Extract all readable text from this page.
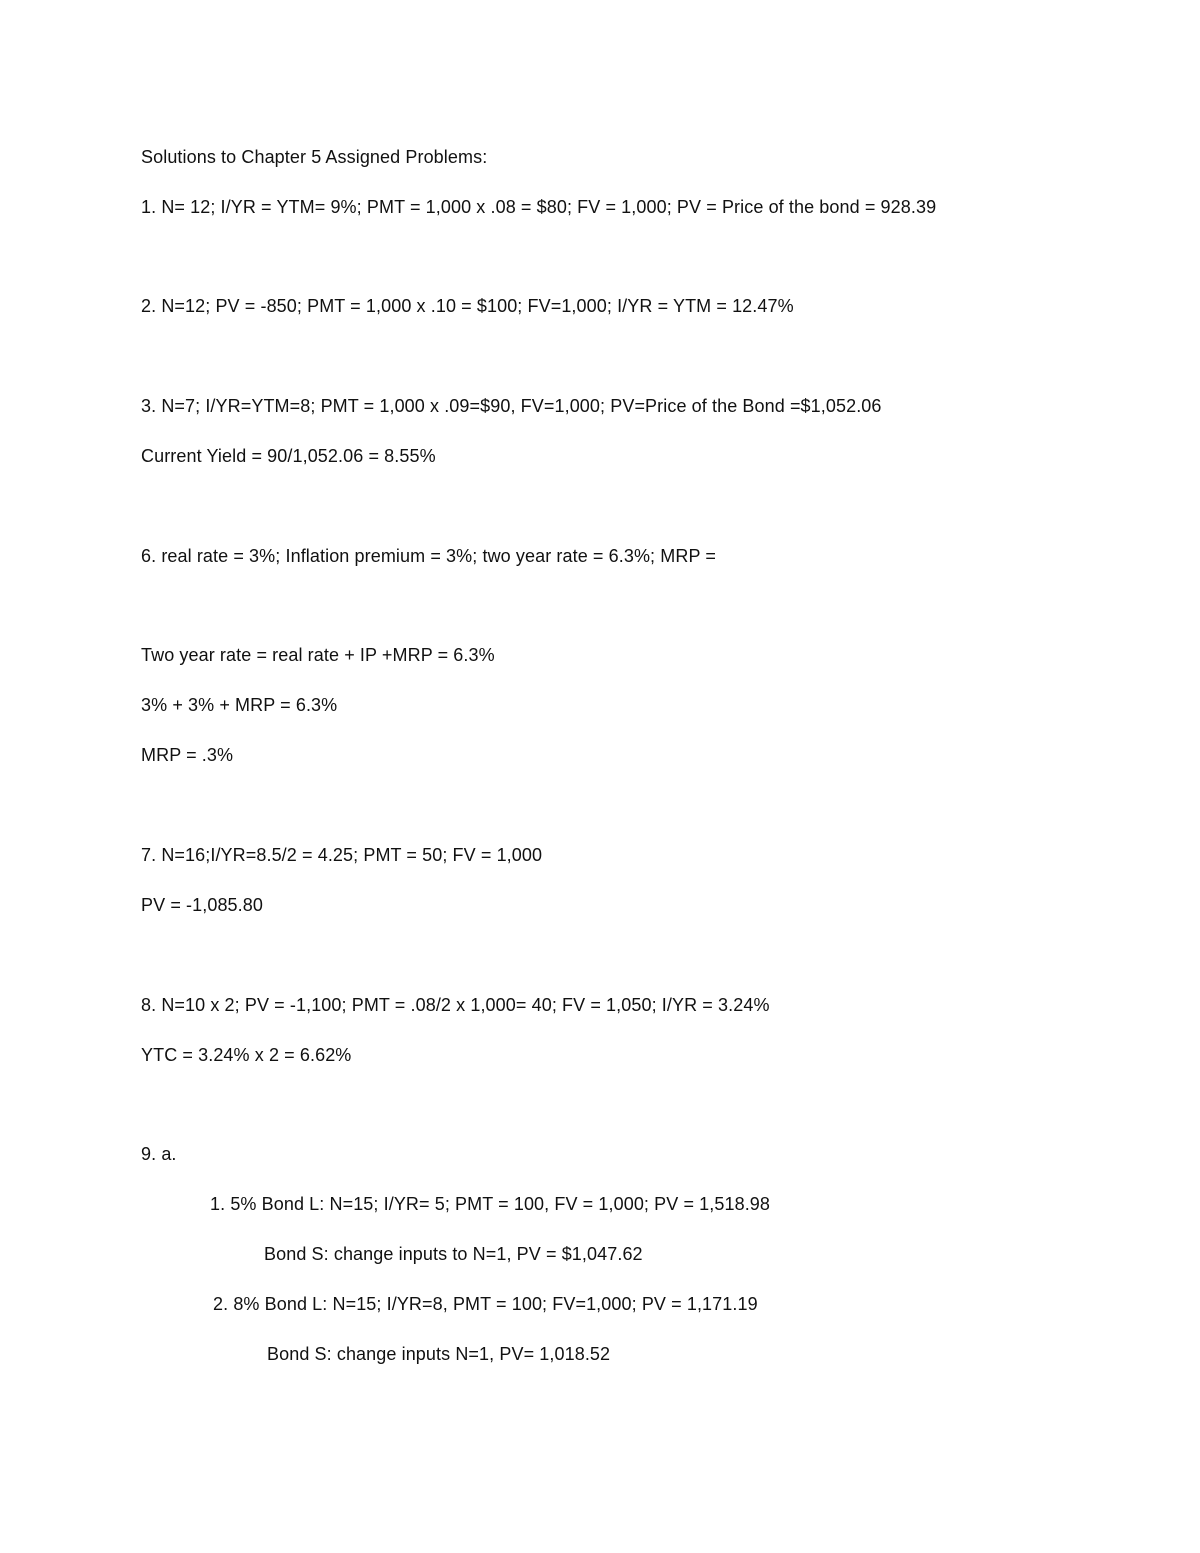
Solutions to Chapter 5 Assigned Problems:
1. N= 12; I/YR = YTM= 9%; PMT = 1,000 x .08 = $80; FV = 1,000; PV = Price of the bond = 928.39
2. N=12; PV = -850; PMT = 1,000 x .10 = $100; FV=1,000; I/YR = YTM = 12.47%
3. N=7; I/YR=YTM=8; PMT = 1,000 x .09=$90, FV=1,000; PV=Price of the Bond =$1,052.06
Current Yield = 90/1,052.06 = 8.55%
6. real rate = 3%; Inflation premium = 3%; two year rate = 6.3%; MRP =
Two year rate = real rate + IP +MRP = 6.3%
3% + 3% + MRP = 6.3%
MRP = .3%
7. N=16;I/YR=8.5/2 = 4.25; PMT = 50; FV = 1,000
PV = -1,085.80
8. N=10 x 2; PV = -1,100; PMT = .08/2 x 1,000= 40; FV = 1,050; I/YR = 3.24%
YTC = 3.24% x 2 = 6.62%
9. a.
1. 5% Bond L: N=15; I/YR= 5; PMT = 100, FV = 1,000; PV = 1,518.98
Bond S: change inputs to N=1, PV = $1,047.62
2. 8% Bond L: N=15; I/YR=8, PMT = 100; FV=1,000; PV = 1,171.19
Bond S: change inputs N=1, PV= 1,018.52
